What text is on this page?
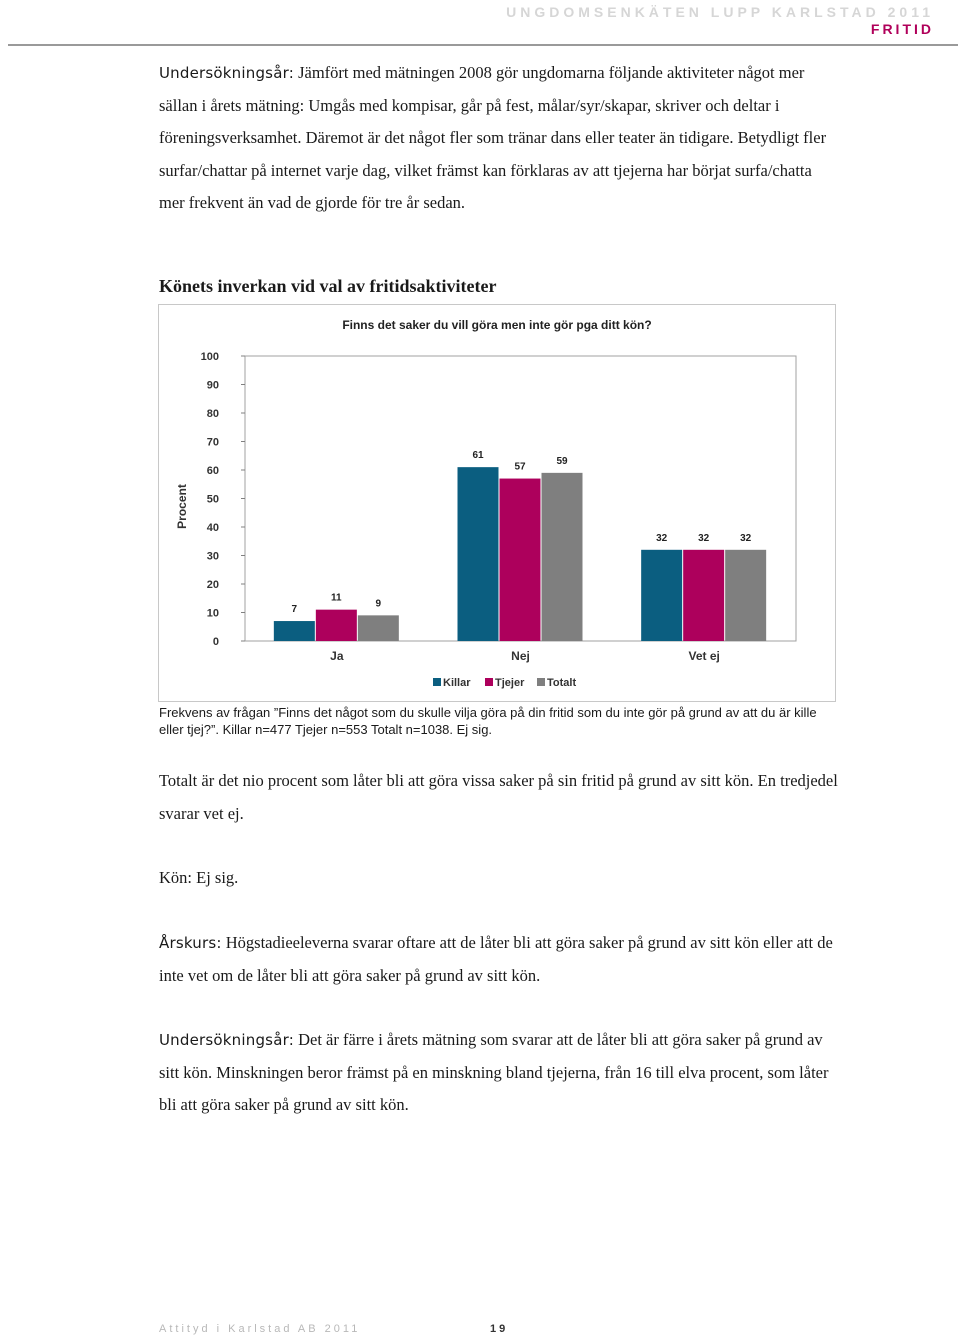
UNGDOMSENKÄTEN LUPP KARLSTAD 2011
FRITID

Undersökningsår: Jämfört med mätningen 2008 gör ungdomarna följande aktiviteter något mer sällan i årets mätning: Umgås med kompisar, går på fest, målar/syr/skapar, skriver och deltar i föreningsverksamhet. Däremot är det något fler som tränar dans eller teater än tidigare. Betydligt fler surfar/chattar på internet varje dag, vilket främst kan förklaras av att tjejerna har börjat surfa/chatta mer frekvent än vad de gjorde för tre år sedan.

Könets inverkan vid val av fritidsaktiviteter
Finns det saker du vill göra men inte gör pga ditt kön?
0
10
20
30
40
50
60
70
80
90
100
Procent
7
11
9
Ja
61
57
59
Nej
32	32	32
Vet ej
Killar Tjejer Totalt

Frekvens av frågan ”Finns det något som du skulle vilja göra på din fritid som du inte gör på grund av att du är kille eller tjej?”. Killar n=477 Tjejer n=553 Totalt n=1038. Ej sig.

Totalt är det nio procent som låter bli att göra vissa saker på sin fritid på grund av sitt kön. En tredjedel svarar vet ej.

Kön: Ej sig.

Årskurs: Högstadieeleverna svarar oftare att de låter bli att göra saker på grund av sitt kön eller att de inte vet om de låter bli att göra saker på grund av sitt kön.

Undersökningsår: Det är färre i årets mätning som svarar att de låter bli att göra saker på grund av sitt kön. Minskningen beror främst på en minskning bland tjejerna, från 16 till elva procent, som låter bli att göra saker på grund av sitt kön.

Attityd i Karlstad AB 2011	19
